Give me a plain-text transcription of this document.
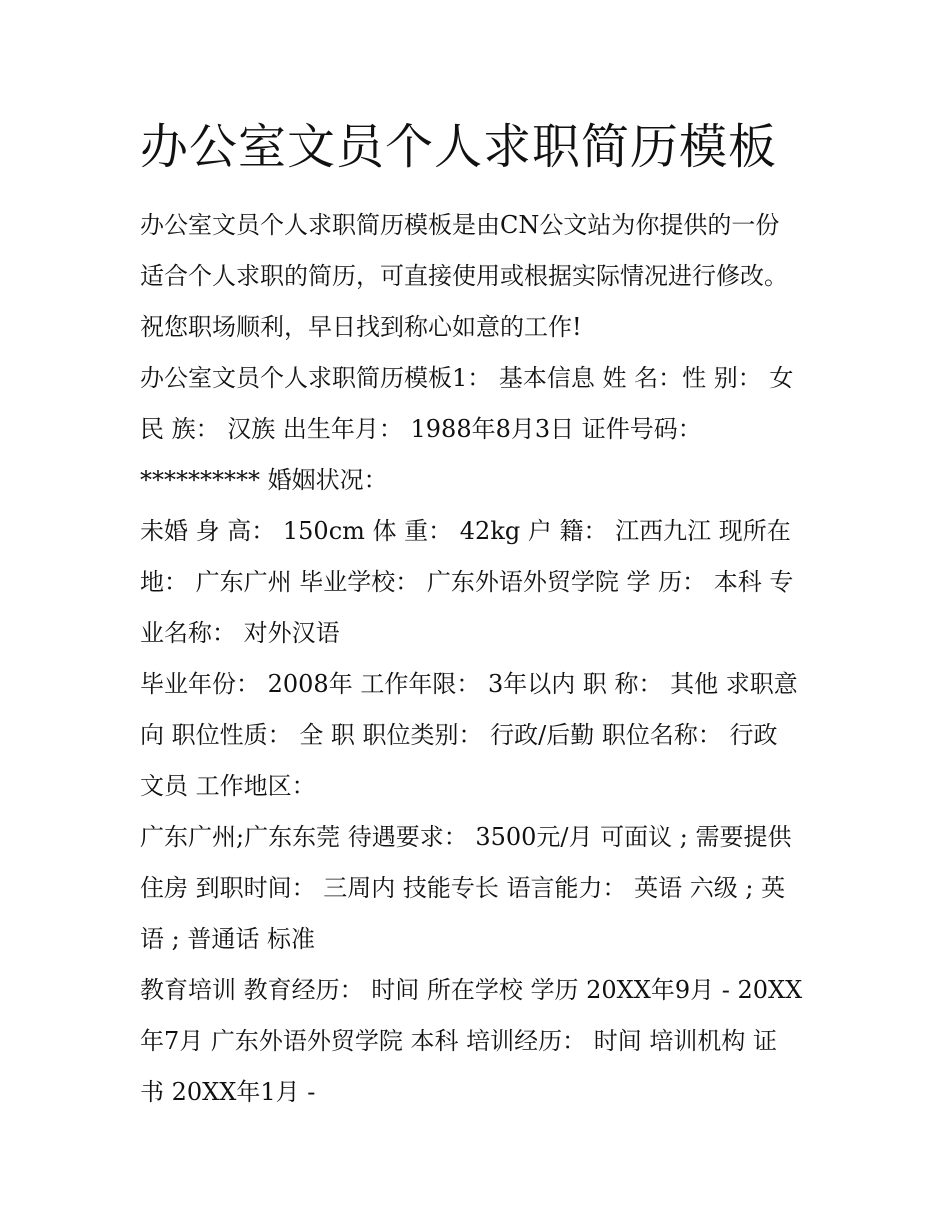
办公室文员个人求职简历模板
办公室文员个人求职简历模板是由CN公文站为你提供的一份
适合个人求职的简历，可直接使用或根据实际情况进行修改。
祝您职场顺利，早日找到称心如意的工作!
办公室文员个人求职简历模板1： 基本信息 姓 名：性 别： 女
民 族： 汉族 出生年月： 1988年8月3日 证件号码：
********** 婚姻状况：
未婚 身 高： 150cm 体 重： 42kg 户 籍： 江西九江 现所在
地： 广东广州 毕业学校： 广东外语外贸学院 学 历： 本科 专
业名称： 对外汉语
毕业年份： 2008年 工作年限： 3年以内 职 称： 其他 求职意
向 职位性质： 全 职 职位类别： 行政/后勤 职位名称： 行政
文员 工作地区：
广东广州;广东东莞 待遇要求： 3500元/月 可面议 ; 需要提供
住房 到职时间： 三周内 技能专长 语言能力： 英语 六级 ; 英
语 ; 普通话 标准
教育培训 教育经历： 时间 所在学校 学历 20XX年9月 - 20XX
年7月 广东外语外贸学院 本科 培训经历： 时间 培训机构 证
书 20XX年1月 -
